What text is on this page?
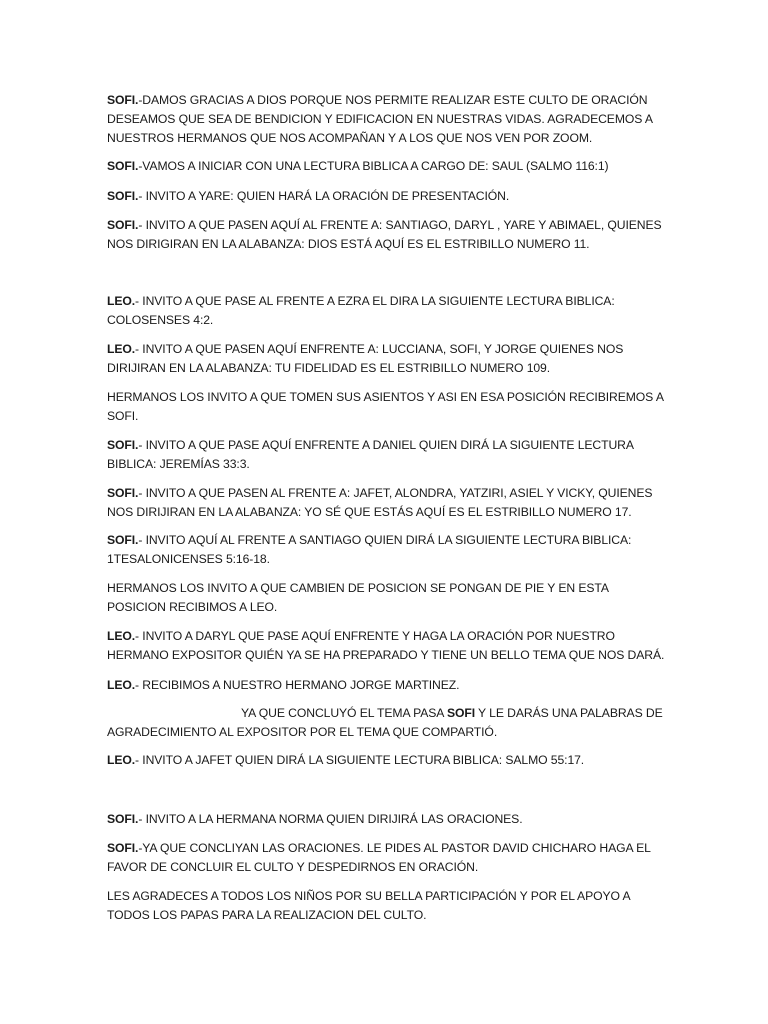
SOFI.-DAMOS GRACIAS A DIOS PORQUE NOS PERMITE REALIZAR ESTE CULTO DE ORACIÓN DESEAMOS QUE SEA DE BENDICION Y EDIFICACION EN NUESTRAS VIDAS. AGRADECEMOS A NUESTROS HERMANOS QUE NOS ACOMPAÑAN Y A LOS QUE NOS VEN POR ZOOM.

SOFI.-VAMOS A INICIAR CON UNA LECTURA BIBLICA A CARGO DE: SAUL (SALMO 116:1)

SOFI.- INVITO A YARE: QUIEN HARÁ LA ORACIÓN DE PRESENTACIÓN.

SOFI.- INVITO A QUE PASEN AQUÍ AL FRENTE A: SANTIAGO, DARYL , YARE Y ABIMAEL, QUIENES NOS DIRIGIRAN EN LA ALABANZA: DIOS ESTÁ AQUÍ ES EL ESTRIBILLO NUMERO 11.

LEO.- INVITO A QUE PASE AL FRENTE A EZRA EL DIRA LA SIGUIENTE LECTURA BIBLICA: COLOSENSES 4:2.

LEO.- INVITO A QUE PASEN AQUÍ ENFRENTE A: LUCCIANA, SOFI, Y JORGE QUIENES NOS DIRIJIRAN EN LA ALABANZA: TU FIDELIDAD ES EL ESTRIBILLO NUMERO 109.

HERMANOS LOS INVITO A QUE TOMEN SUS ASIENTOS Y ASI EN ESA POSICIÓN RECIBIREMOS A SOFI.

SOFI.- INVITO A QUE PASE AQUÍ ENFRENTE A DANIEL QUIEN DIRÁ LA SIGUIENTE LECTURA BIBLICA: JEREMÍAS 33:3.

SOFI.- INVITO A QUE PASEN AL FRENTE A: JAFET, ALONDRA, YATZIRI, ASIEL Y VICKY, QUIENES NOS DIRIJIRAN EN LA ALABANZA: YO SÉ QUE ESTÁS AQUÍ ES EL ESTRIBILLO NUMERO 17.

SOFI.- INVITO AQUÍ AL FRENTE A SANTIAGO QUIEN DIRÁ LA SIGUIENTE LECTURA BIBLICA: 1TESALONICENSES 5:16-18.

HERMANOS LOS INVITO A QUE CAMBIEN DE POSICION SE PONGAN DE PIE Y EN ESTA POSICION RECIBIMOS A LEO.

LEO.- INVITO A DARYL QUE PASE AQUÍ ENFRENTE Y HAGA LA ORACIÓN POR NUESTRO HERMANO EXPOSITOR QUIÉN YA SE HA PREPARADO Y TIENE UN BELLO TEMA QUE NOS DARÁ.

LEO.- RECIBIMOS A NUESTRO HERMANO JORGE MARTINEZ.

YA QUE CONCLUYÓ EL TEMA PASA SOFI Y LE DARÁS UNA PALABRAS DE AGRADECIMIENTO AL EXPOSITOR POR EL TEMA QUE COMPARTIÓ.

LEO.- INVITO A JAFET QUIEN DIRÁ LA SIGUIENTE LECTURA BIBLICA: SALMO 55:17.

SOFI.- INVITO A LA HERMANA NORMA QUIEN DIRIJIRÁ LAS ORACIONES.

SOFI.-YA QUE CONCLIYAN LAS ORACIONES. LE PIDES AL PASTOR DAVID CHICHARO HAGA EL FAVOR DE CONCLUIR EL CULTO Y DESPEDIRNOS EN ORACIÓN.

LES AGRADECES A TODOS LOS NIÑOS POR SU BELLA PARTICIPACIÓN Y POR EL APOYO A TODOS LOS PAPAS PARA LA REALIZACION DEL CULTO.
